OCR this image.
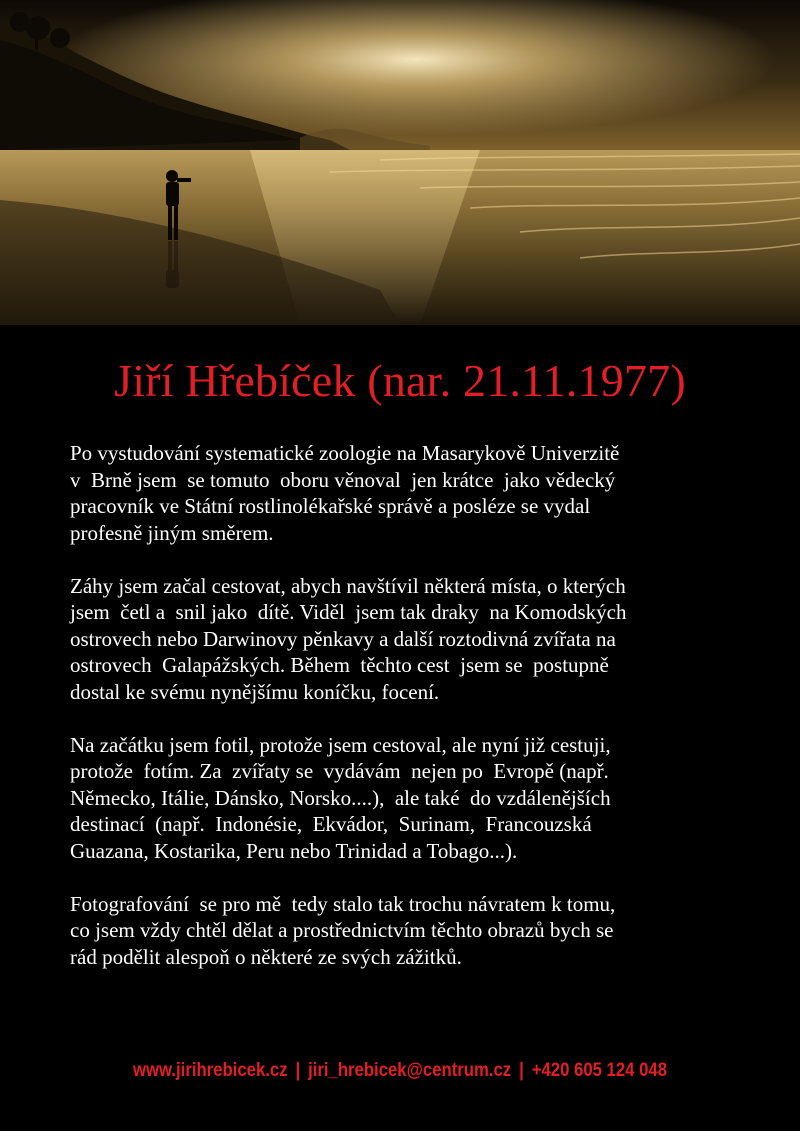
Jiří Hřebíček (nar. 21.11.1977)
Po vystudování systematické zoologie na Masarykově Univerzitě
v  Brně jsem  se tomuto  oboru věnoval  jen krátce  jako vědecký
pracovník ve Státní rostlinolékařské správě a posléze se vydal
profesně jiným směrem.
Záhy jsem začal cestovat, abych navštívil některá místa, o kterých
jsem  četl a  snil jako  dítě. Viděl  jsem tak draky  na Komodských
ostrovech nebo Darwinovy pěnkavy a další roztodivná zvířata na
ostrovech  Galapážských. Během  těchto cest  jsem se  postupně
dostal ke svému nynějšímu koníčku, focení.
Na začátku jsem fotil, protože jsem cestoval, ale nyní již cestuji,
protože  fotím. Za  zvířaty se  vydávám  nejen po  Evropě (např.
Německo, Itálie, Dánsko, Norsko....),  ale také  do vzdálenějších
destinací  (např.  Indonésie,  Ekvádor,  Surinam,  Francouzská
Guazana, Kostarika, Peru nebo Trinidad a Tobago...).
Fotografování  se pro mě  tedy stalo tak trochu návratem k tomu,
co jsem vždy chtěl dělat a prostřednictvím těchto obrazů bych se
rád podělit alespoň o některé ze svých zážitků.
www.jirihrebicek.cz | jiri_hrebicek@centrum.cz | +420 605 124 048
